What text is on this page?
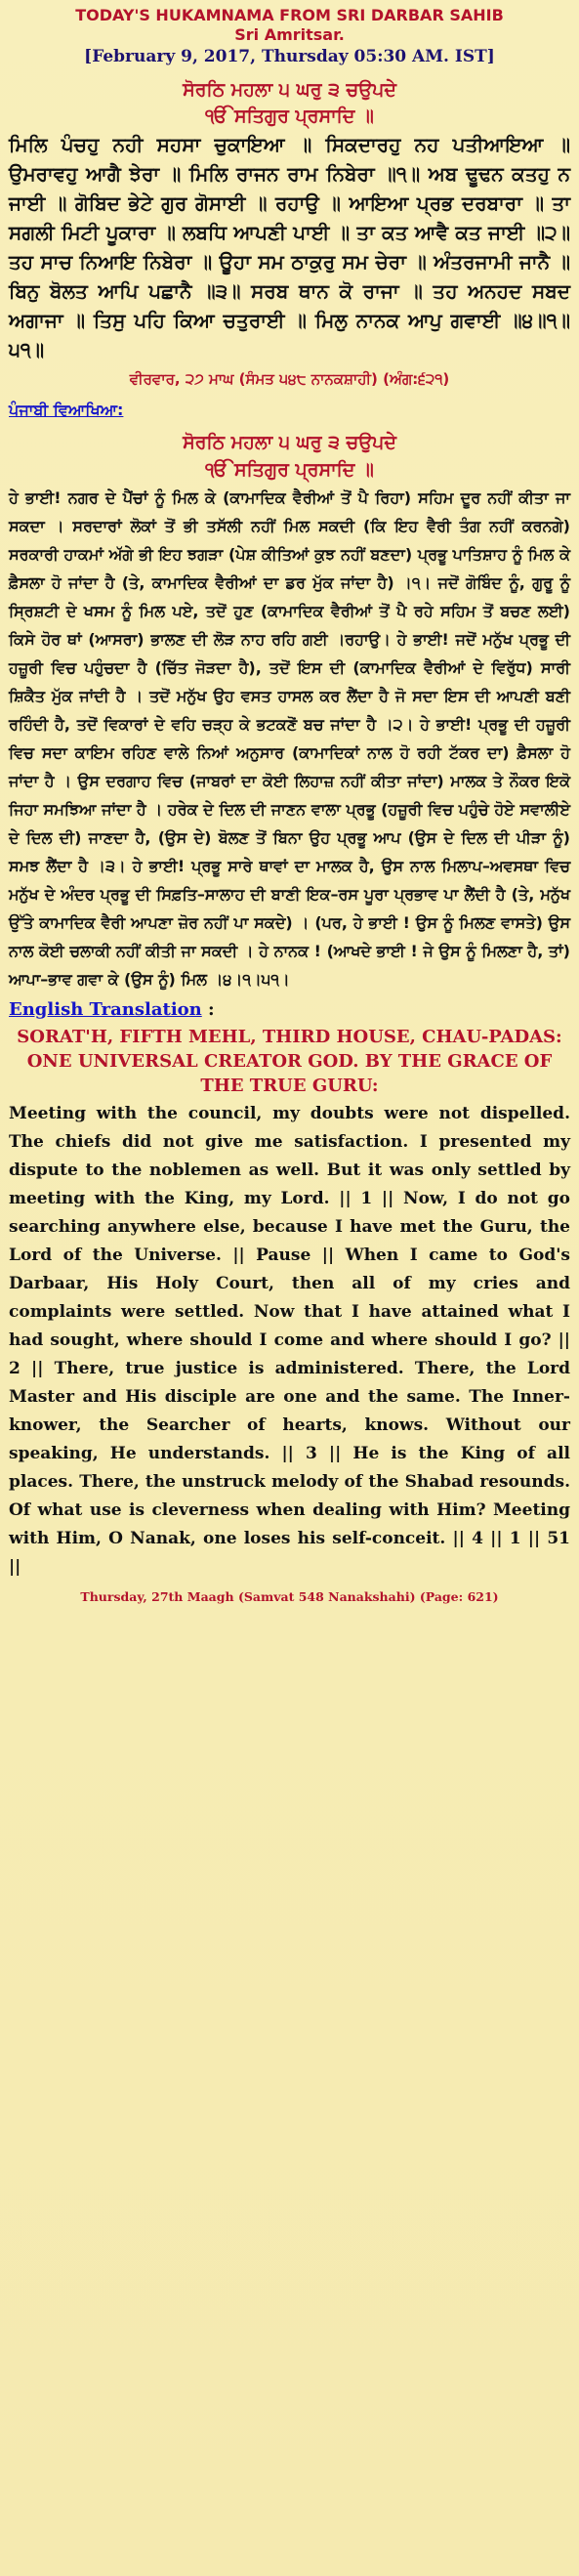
TODAY'S HUKAMNAMA FROM SRI DARBAR SAHIB
Sri Amritsar.
[February 9, 2017, Thursday 05:30 AM. IST]
ਸੋਰਠਿ ਮਹਲਾ ੫ ਘਰੁ ੩ ਚਉਪਦੇ
ੴ ਸਤਿਗੁਰ ਪ੍ਰਸਾਦਿ ॥

ਮਿਲਿ ਪੰਚਹੁ ਨਹੀ ਸਹਸਾ ਚੁਕਾਇਆ ॥ ਸਿਕਦਾਰਹੁ ਨਹ ਪਤੀਆਇਆ ॥ ਉਮਰਾਵਹੁ ਆਗੈ ਝੇਰਾ ॥ ਮਿਲਿ ਰਾਜਨ ਰਾਮ ਨਿਬੇਰਾ ॥੧॥ ਅਬ ਢੂਢਨ ਕਤਹੁ ਨ ਜਾਈ ॥ ਗੋਬਿਦ ਭੇਟੇ ਗੁਰ ਗੋਸਾਈ ॥ ਰਹਾਉ ॥ ਆਇਆ ਪ੍ਰਭ ਦਰਬਾਰਾ ॥ ਤਾ ਸਗਲੀ ਮਿਟੀ ਪੂਕਾਰਾ ॥ ਲਬਧਿ ਆਪਣੀ ਪਾਈ ॥ ਤਾ ਕਤ ਆਵੈ ਕਤ ਜਾਈ ॥੨॥ ਤਹ ਸਾਚ ਨਿਆਇ ਨਿਬੇਰਾ ॥ ਊਹਾ ਸਮ ਠਾਕੁਰੁ ਸਮ ਚੇਰਾ ॥ ਅੰਤਰਜਾਮੀ ਜਾਨੈ ॥ ਬਿਨੁ ਬੋਲਤ ਆਪਿ ਪਛਾਨੈ ॥੩॥ ਸਰਬ ਥਾਨ ਕੋ ਰਾਜਾ ॥ ਤਹ ਅਨਹਦ ਸਬਦ ਅਗਾਜਾ ॥ ਤਿਸੁ ਪਹਿ ਕਿਆ ਚਤੁਰਾਈ ॥ ਮਿਲੁ ਨਾਨਕ ਆਪੁ ਗਵਾਈ ॥੪॥੧॥੫੧॥

ਵੀਰਵਾਰ, ੨੭ ਮਾਘ (ਸੰਮਤ ੫੪੮ ਨਾਨਕਸ਼ਾਹੀ) (ਅੰਗ:੬੨੧)
ਪੰਜਾਬੀ ਵਿਆਖਿਆ:
ਸੋਰਠਿ ਮਹਲਾ ੫ ਘਰੁ ੩ ਚਉਪਦੇ
ੴ ਸਤਿਗੁਰ ਪ੍ਰਸਾਦਿ ॥

ਹੇ ਭਾਈ! ਨਗਰ ਦੇ ਪੈਂਚਾਂ ਨੂੰ ਮਿਲ ਕੇ (ਕਾਮਾਦਿਕ ਵੈਰੀਆਂ ਤੋਂ ਪੈ ਰਿਹਾ) ਸਹਿਮ ਦੂਰ ਨਹੀਂ ਕੀਤਾ ਜਾ ਸਕਦਾ । ਸਰਦਾਰਾਂ ਲੋਕਾਂ ਤੋਂ ਭੀ ਤਸੱਲੀ ਨਹੀਂ ਮਿਲ ਸਕਦੀ (ਕਿ ਇਹ ਵੈਰੀ ਤੰਗ ਨਹੀਂ ਕਰਨਗੇ) ਸਰਕਾਰੀ ਹਾਕਮਾਂ ਅੱਗੇ ਭੀ ਇਹ ਝਗੜਾ (ਪੇਸ਼ ਕੀਤਿਆਂ ਕੁਝ ਨਹੀਂ ਬਣਦਾ) ਪ੍ਰਭੂ ਪਾਤਿਸ਼ਾਹ ਨੂੰ ਮਿਲ ਕੇ ਫ਼ੈਸਲਾ ਹੋ ਜਾਂਦਾ ਹੈ (ਤੇ, ਕਾਮਾਦਿਕ ਵੈਰੀਆਂ ਦਾ ਡਰ ਮੁੱਕ ਜਾਂਦਾ ਹੈ) ।੧। ਜਦੋਂ ਗੋਬਿੰਦ ਨੂੰ, ਗੁਰੂ ਨੂੰ ਸ੍ਰਿਸ਼ਟੀ ਦੇ ਖਸਮ ਨੂੰ ਮਿਲ ਪਏ, ਤਦੋਂ ਹੁਣ (ਕਾਮਾਦਿਕ ਵੈਰੀਆਂ ਤੋਂ ਪੈ ਰਹੇ ਸਹਿਮ ਤੋਂ ਬਚਣ ਲਈ) ਕਿਸੇ ਹੋਰ ਥਾਂ (ਆਸਰਾ) ਭਾਲਣ ਦੀ ਲੋੜ ਨਾਹ ਰਹਿ ਗਈ ।ਰਹਾਉ। ਹੇ ਭਾਈ! ਜਦੋਂ ਮਨੁੱਖ ਪ੍ਰਭੂ ਦੀ ਹਜ਼ੂਰੀ ਵਿਚ ਪਹੁੰਚਦਾ ਹੈ (ਚਿੱਤ ਜੋੜਦਾ ਹੈ), ਤਦੋਂ ਇਸ ਦੀ (ਕਾਮਾਦਿਕ ਵੈਰੀਆਂ ਦੇ ਵਿਰੁੱਧ) ਸਾਰੀ ਸ਼ਿਕੈਤ ਮੁੱਕ ਜਾਂਦੀ ਹੈ । ਤਦੋਂ ਮਨੁੱਖ ਉਹ ਵਸਤ ਹਾਸਲ ਕਰ ਲੈਂਦਾ ਹੈ ਜੋ ਸਦਾ ਇਸ ਦੀ ਆਪਣੀ ਬਣੀ ਰਹਿੰਦੀ ਹੈ, ਤਦੋਂ ਵਿਕਾਰਾਂ ਦੇ ਵਹਿ ਚੜ੍ਹ ਕੇ ਭਟਕਣੋਂ ਬਚ ਜਾਂਦਾ ਹੈ ।੨। ਹੇ ਭਾਈ! ਪ੍ਰਭੂ ਦੀ ਹਜ਼ੂਰੀ ਵਿਚ ਸਦਾ ਕਾਇਮ ਰਹਿਣ ਵਾਲੇ ਨਿਆਂ ਅਨੁਸਾਰ (ਕਾਮਾਦਿਕਾਂ ਨਾਲ ਹੋ ਰਹੀ ਟੱਕਰ ਦਾ) ਫ਼ੈਸਲਾ ਹੋ ਜਾਂਦਾ ਹੈ । ਉਸ ਦਰਗਾਹ ਵਿਚ (ਜਾਬਰਾਂ ਦਾ ਕੋਈ ਲਿਹਾਜ਼ ਨਹੀਂ ਕੀਤਾ ਜਾਂਦਾ) ਮਾਲਕ ਤੇ ਨੌਕਰ ਇਕੋ ਜਿਹਾ ਸਮਝਿਆ ਜਾਂਦਾ ਹੈ । ਹਰੇਕ ਦੇ ਦਿਲ ਦੀ ਜਾਣਨ ਵਾਲਾ ਪ੍ਰਭੂ (ਹਜ਼ੂਰੀ ਵਿਚ ਪਹੁੰਚੇ ਹੋਏ ਸਵਾਲੀਏ ਦੇ ਦਿਲ ਦੀ) ਜਾਣਦਾ ਹੈ, (ਉਸ ਦੇ) ਬੋਲਣ ਤੋਂ ਬਿਨਾ ਉਹ ਪ੍ਰਭੂ ਆਪ (ਉਸ ਦੇ ਦਿਲ ਦੀ ਪੀੜਾ ਨੂੰ) ਸਮਝ ਲੈਂਦਾ ਹੈ ।੩। ਹੇ ਭਾਈ! ਪ੍ਰਭੂ ਸਾਰੇ ਥਾਵਾਂ ਦਾ ਮਾਲਕ ਹੈ, ਉਸ ਨਾਲ ਮਿਲਾਪ–ਅਵਸਥਾ ਵਿਚ ਮਨੁੱਖ ਦੇ ਅੰਦਰ ਪ੍ਰਭੂ ਦੀ ਸਿਫ਼ਤਿ–ਸਾਲਾਹ ਦੀ ਬਾਣੀ ਇਕ–ਰਸ ਪੂਰਾ ਪ੍ਰਭਾਵ ਪਾ ਲੈਂਦੀ ਹੈ (ਤੇ, ਮਨੁੱਖ ਉੱਤੇ ਕਾਮਾਦਿਕ ਵੈਰੀ ਆਪਣਾ ਜ਼ੋਰ ਨਹੀਂ ਪਾ ਸਕਦੇ) । (ਪਰ, ਹੇ ਭਾਈ ! ਉਸ ਨੂੰ ਮਿਲਣ ਵਾਸਤੇ) ਉਸ ਨਾਲ ਕੋਈ ਚਲਾਕੀ ਨਹੀਂ ਕੀਤੀ ਜਾ ਸਕਦੀ । ਹੇ ਨਾਨਕ ! (ਆਖਦੇ ਭਾਈ ! ਜੇ ਉਸ ਨੂੰ ਮਿਲਣਾ ਹੈ, ਤਾਂ) ਆਪਾ–ਭਾਵ ਗਵਾ ਕੇ (ਉਸ ਨੂੰ) ਮਿਲ ।੪।੧।੫੧।

English Translation :
SORAT'H, FIFTH MEHL, THIRD HOUSE, CHAU-PADAS:
ONE UNIVERSAL CREATOR GOD. BY THE GRACE OF THE TRUE GURU:

Meeting with the council, my doubts were not dispelled. The chiefs did not give me satisfaction. I presented my dispute to the noblemen as well. But it was only settled by meeting with the King, my Lord. || 1 || Now, I do not go searching anywhere else, because I have met the Guru, the Lord of the Universe. || Pause || When I came to God's Darbaar, His Holy Court, then all of my cries and complaints were settled. Now that I have attained what I had sought, where should I come and where should I go? || 2 || There, true justice is administered. There, the Lord Master and His disciple are one and the same. The Inner-knower, the Searcher of hearts, knows. Without our speaking, He understands. || 3 || He is the King of all places. There, the unstruck melody of the Shabad resounds. Of what use is cleverness when dealing with Him? Meeting with Him, O Nanak, one loses his self-conceit. || 4 || 1 || 51 ||

Thursday, 27th Maagh (Samvat 548 Nanakshahi) (Page: 621)
